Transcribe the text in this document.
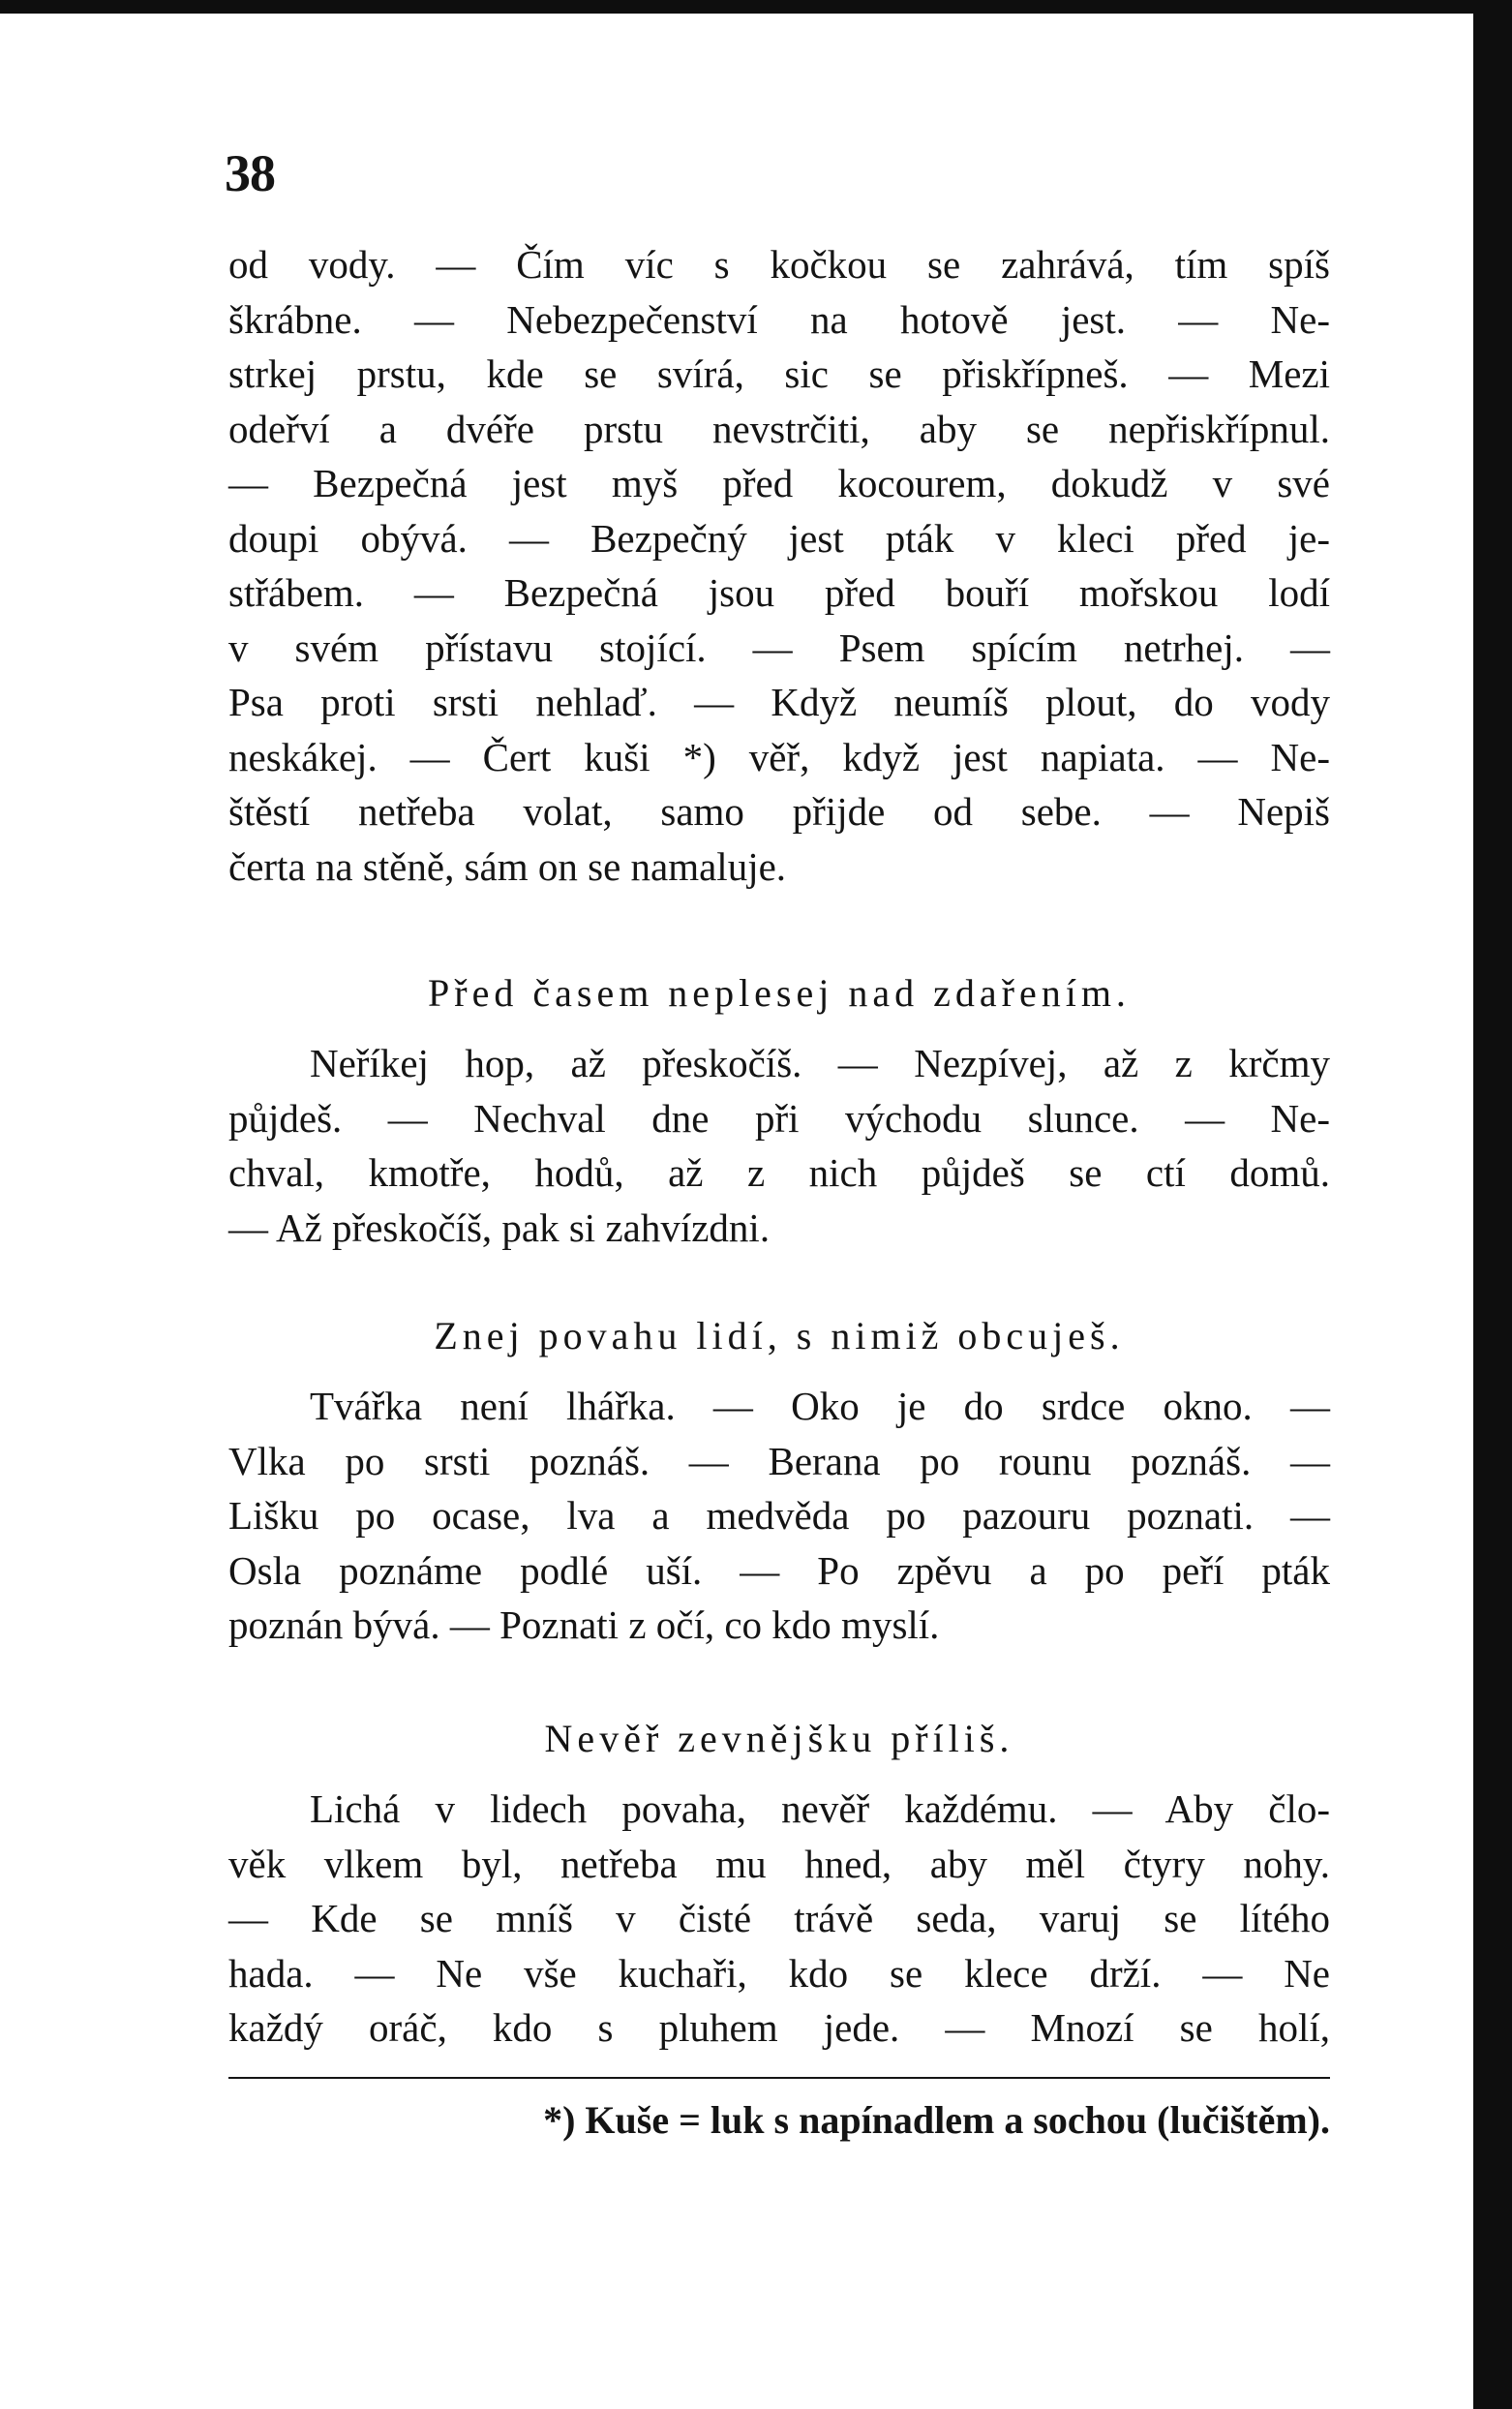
38
od vody. — Čím víc s kočkou se zahrává, tím spíš
škrábne. — Nebezpečenství na hotově jest. — Ne-
strkej prstu, kde se svírá, sic se přiskřípneš. — Mezi
odeřví a dvéře prstu nevstrčiti, aby se nepřiskřípnul.
— Bezpečná jest myš před kocourem, dokudž v své
doupi obývá. — Bezpečný jest pták v kleci před je-
střábem. — Bezpečná jsou před bouří mořskou lodí
v svém přístavu stojící. — Psem spícím netrhej. —
Psa proti srsti nehlaď. — Když neumíš plout, do vody
neskákej. — Čert kuši *) věř, když jest napiata. — Ne-
štěstí netřeba volat, samo přijde od sebe. — Nepiš
čerta na stěně, sám on se namaluje.
Před časem neplesej nad zdařením.
Neříkej hop, až přeskočíš. — Nezpívej, až z krčmy
půjdeš. — Nechval dne při východu slunce. — Ne-
chval, kmotře, hodů, až z nich půjdeš se ctí domů.
— Až přeskočíš, pak si zahvízdni.
Znej povahu lidí, s nimiž obcuješ.
Tvářka není lhářka. — Oko je do srdce okno. —
Vlka po srsti poznáš. — Berana po rounu poznáš. —
Lišku po ocase, lva a medvěda po pazouru poznati. —
Osla poznáme podlé uší. — Po zpěvu a po peří pták
poznán bývá. — Poznati z očí, co kdo myslí.
Nevěř zevnějšku příliš.
Lichá v lidech povaha, nevěř každému. — Aby člo-
věk vlkem byl, netřeba mu hned, aby měl čtyry nohy.
— Kde se mníš v čisté trávě seda, varuj se lítého
hada. — Ne vše kuchaři, kdo se klece drží. — Ne
každý oráč, kdo s pluhem jede. — Mnozí se holí,
*) Kuše = luk s napínadlem a sochou (lučištěm).
